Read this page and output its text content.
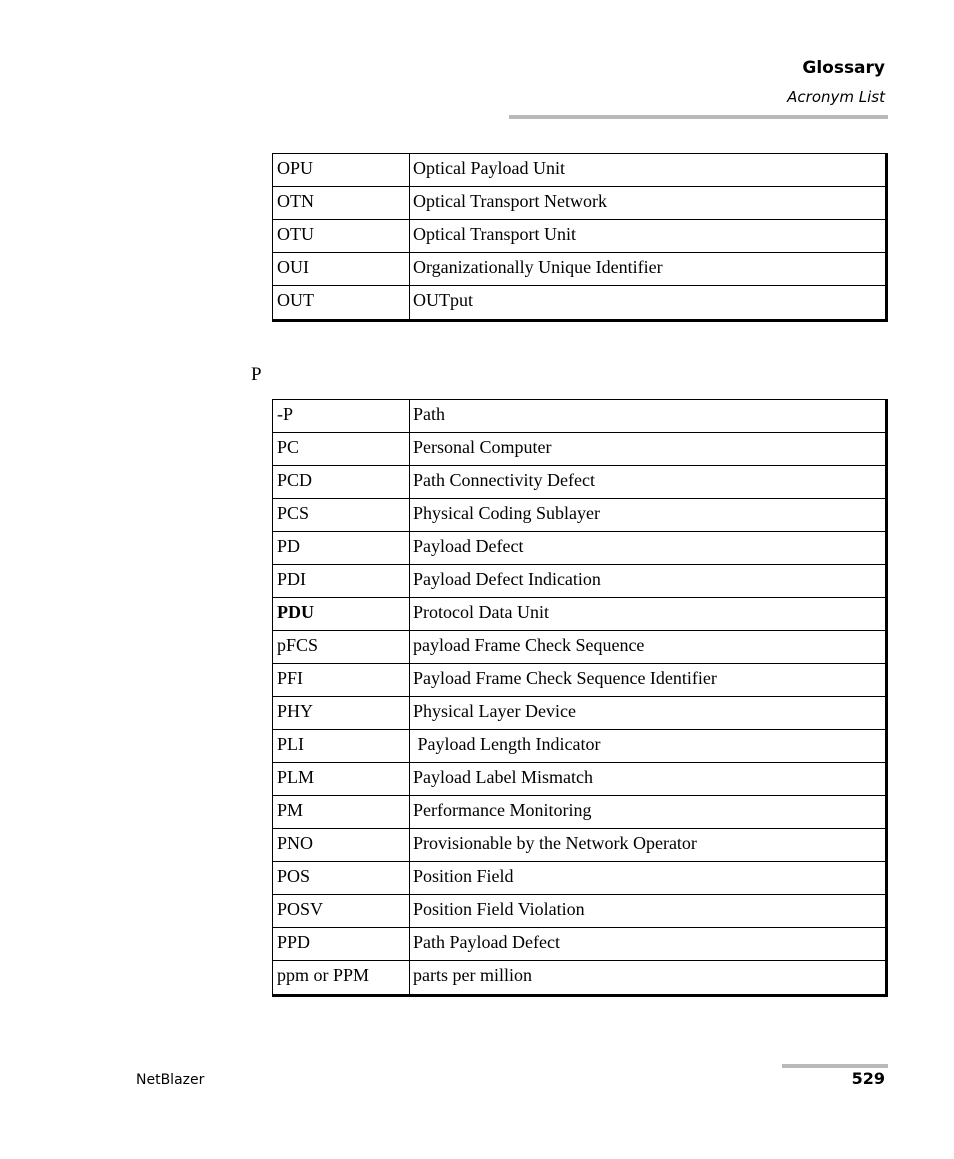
Glossary
Acronym List
OPU	Optical Payload Unit
OTN	Optical Transport Network
OTU	Optical Transport Unit
OUI	Organizationally Unique Identifier
OUT	OUTput
P
-P	Path
PC	Personal Computer
PCD	Path Connectivity Defect
PCS	Physical Coding Sublayer
PD	Payload Defect
PDI	Payload Defect Indication
PDU	Protocol Data Unit
pFCS	payload Frame Check Sequence
PFI	Payload Frame Check Sequence Identifier
PHY	Physical Layer Device
PLI	Payload Length Indicator
PLM	Payload Label Mismatch
PM	Performance Monitoring
PNO	Provisionable by the Network Operator
POS	Position Field
POSV	Position Field Violation
PPD	Path Payload Defect
ppm or PPM	parts per million
NetBlazer	529
